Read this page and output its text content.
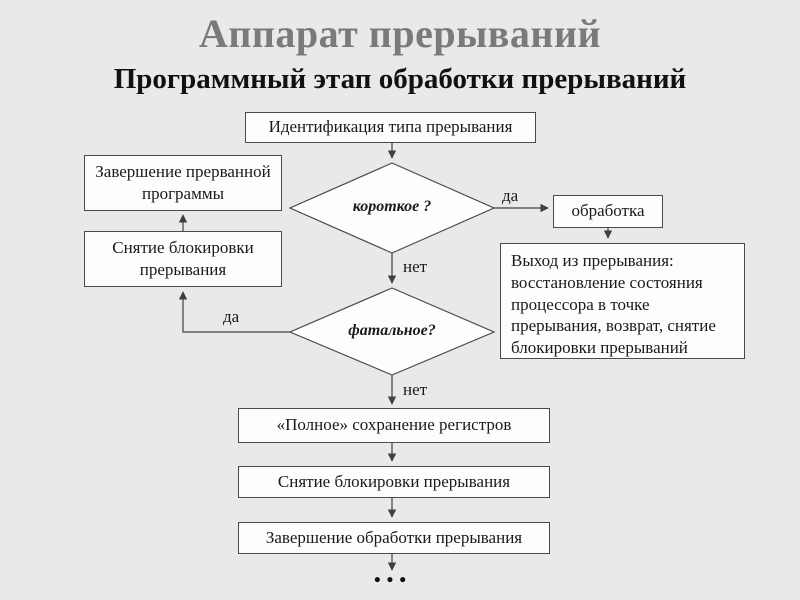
Аппарат прерываний
Программный этап обработки прерываний
Идентификация типа прерывания
Завершение прерванной программы
Снятие блокировки прерывания
короткое ?	обработка
Выход из прерывания: восстановление состояния процессора в точке прерывания, возврат, снятие блокировки прерываний
фатальное?
«Полное» сохранение регистров
Снятие блокировки прерывания
Завершение обработки прерывания
да
нет
да
нет
•••
